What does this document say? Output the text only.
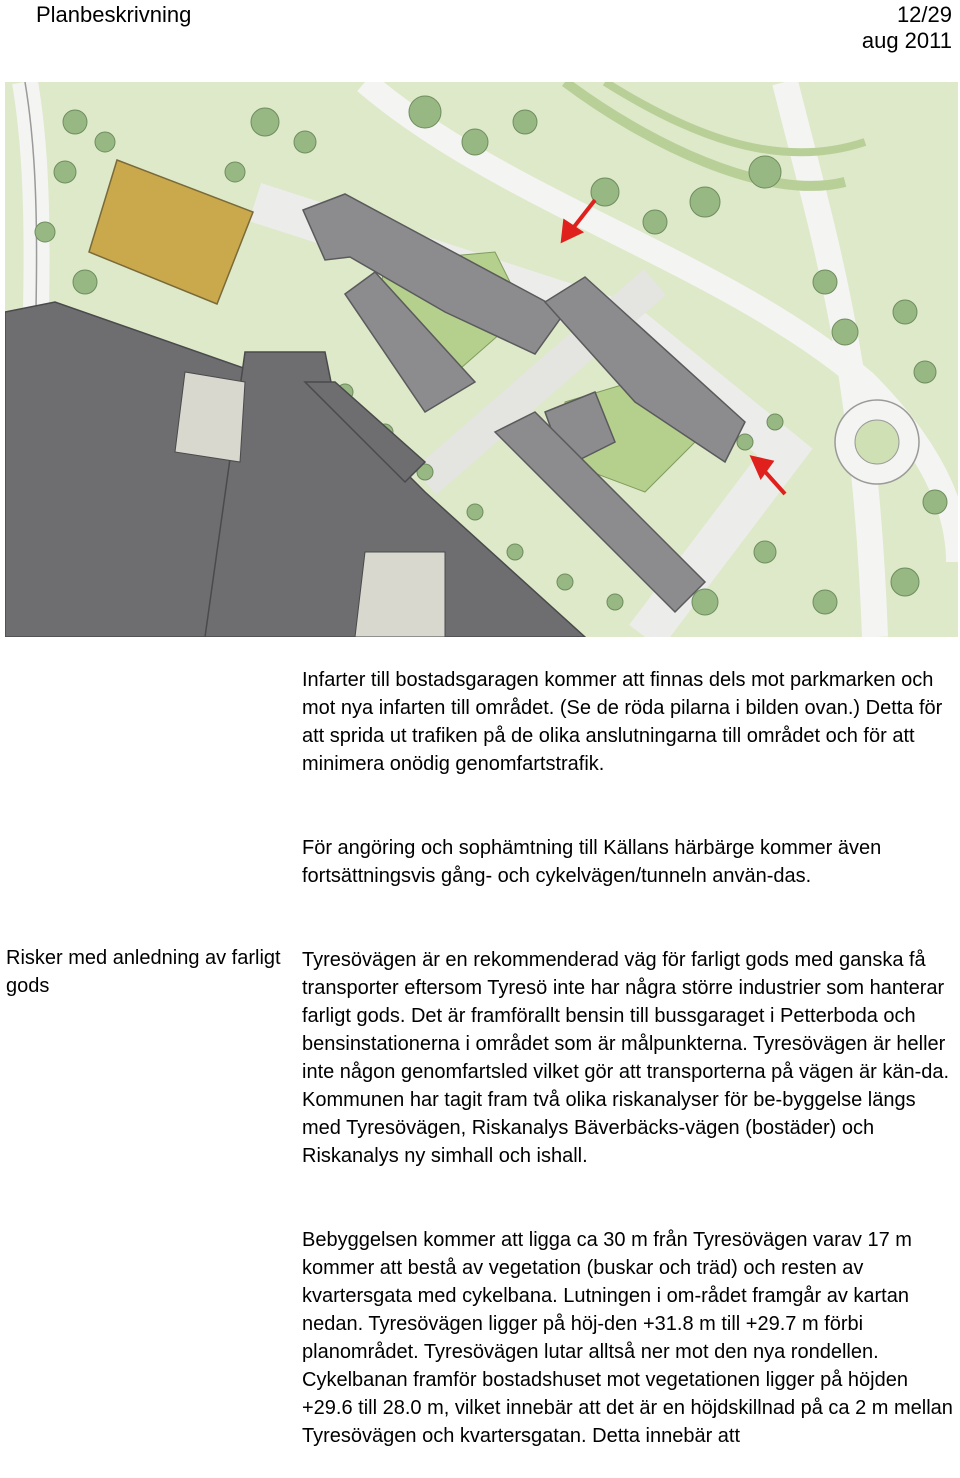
Planbeskrivning	12/29
aug 2011

Infarter till bostadsgaragen kommer att finnas dels mot parkmarken och mot nya infarten till området. (Se de röda pilarna i bilden ovan.) Detta för att sprida ut trafiken på de olika anslutningarna till området och för att minimera onödig genomfartstrafik.

För angöring och sophämtning till Källans härbärge kommer även fortsättningsvis gång- och cykelvägen/tunneln använ-das.

Risker med anledning av farligt gods

Tyresövägen är en rekommenderad väg för farligt gods med ganska få transporter eftersom Tyresö inte har några större industrier som hanterar farligt gods. Det är framförallt bensin till bussgaraget i Petterboda och bensinstationerna i området som är målpunkterna. Tyresövägen är heller inte någon genomfartsled vilket gör att transporterna på vägen är kän-da. Kommunen har tagit fram två olika riskanalyser för be-byggelse längs med Tyresövägen, Riskanalys Bäverbäcks-vägen (bostäder) och Riskanalys ny simhall och ishall.

Bebyggelsen kommer att ligga ca 30 m från Tyresövägen varav 17 m kommer att bestå av vegetation (buskar och träd) och resten av kvartersgata med cykelbana. Lutningen i om-rådet framgår av kartan nedan. Tyresövägen ligger på höj-den +31.8 m till +29.7 m förbi planområdet. Tyresövägen lutar alltså ner mot den nya rondellen. Cykelbanan framför bostadshuset mot vegetationen ligger på höjden +29.6 till 28.0 m, vilket innebär att det är en höjdskillnad på ca 2 m mellan Tyresövägen och kvartersgatan. Detta innebär att
